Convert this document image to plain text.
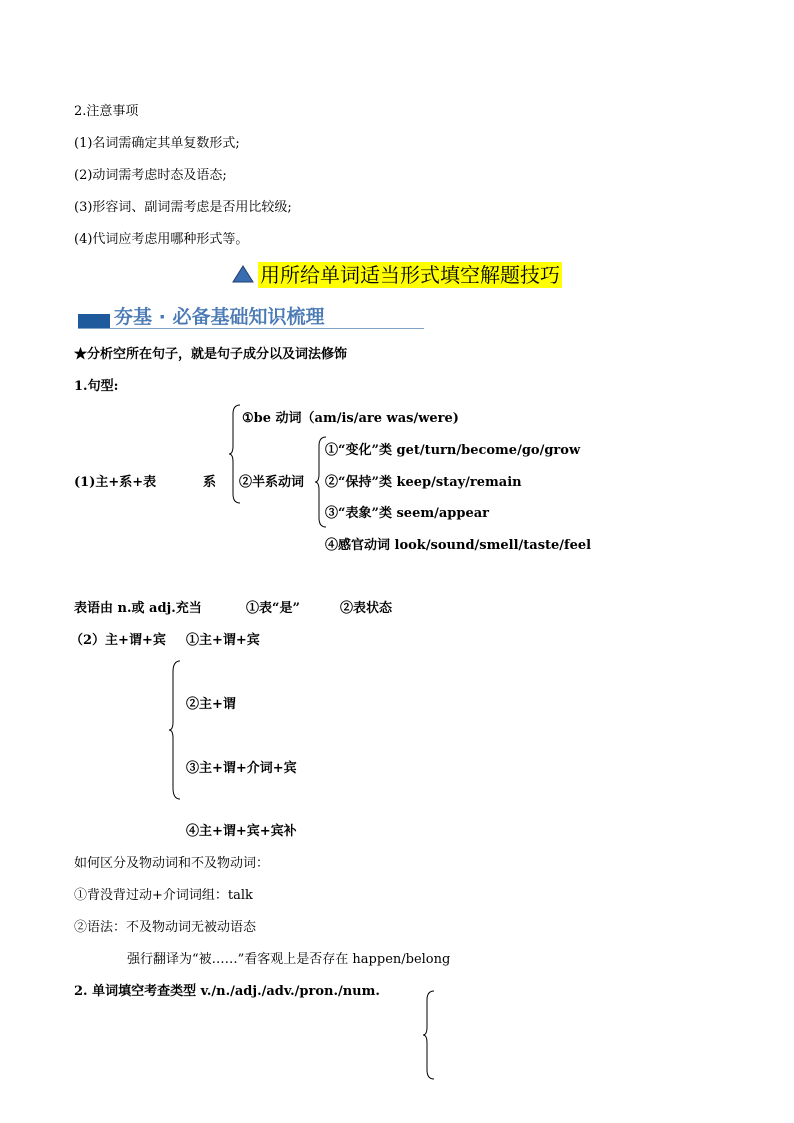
2.注意事项
(1)名词需确定其单复数形式;
(2)动词需考虑时态及语态;
(3)形容词、副词需考虑是否用比较级;
(4)代词应考虑用哪种形式等。
用所给单词适当形式填空解题技巧
夯基 · 必备基础知识梳理
★分析空所在句子，就是句子成分以及词法修饰
1.句型:
①be 动词（am/is/are was/were)
(1)主+系+表	系 ②半系动词
①“变化”类 get/turn/become/go/grow
②“保持”类 keep/stay/remain
③“表象”类 seem/appear
④感官动词 look/sound/smell/taste/feel
表语由 n.或 adj.充当	①表“是”	②表状态
（2）主+谓+宾 ①主+谓+宾
②主+谓
③主+谓+介词+宾
④主+谓+宾+宾补
如何区分及物动词和不及物动词：
①背没背过动+介词词组：talk
②语法：不及物动词无被动语态
强行翻译为“被……”看客观上是否存在 happen/belong
2. 单词填空考查类型 v./n./adj./adv./pron./num.
